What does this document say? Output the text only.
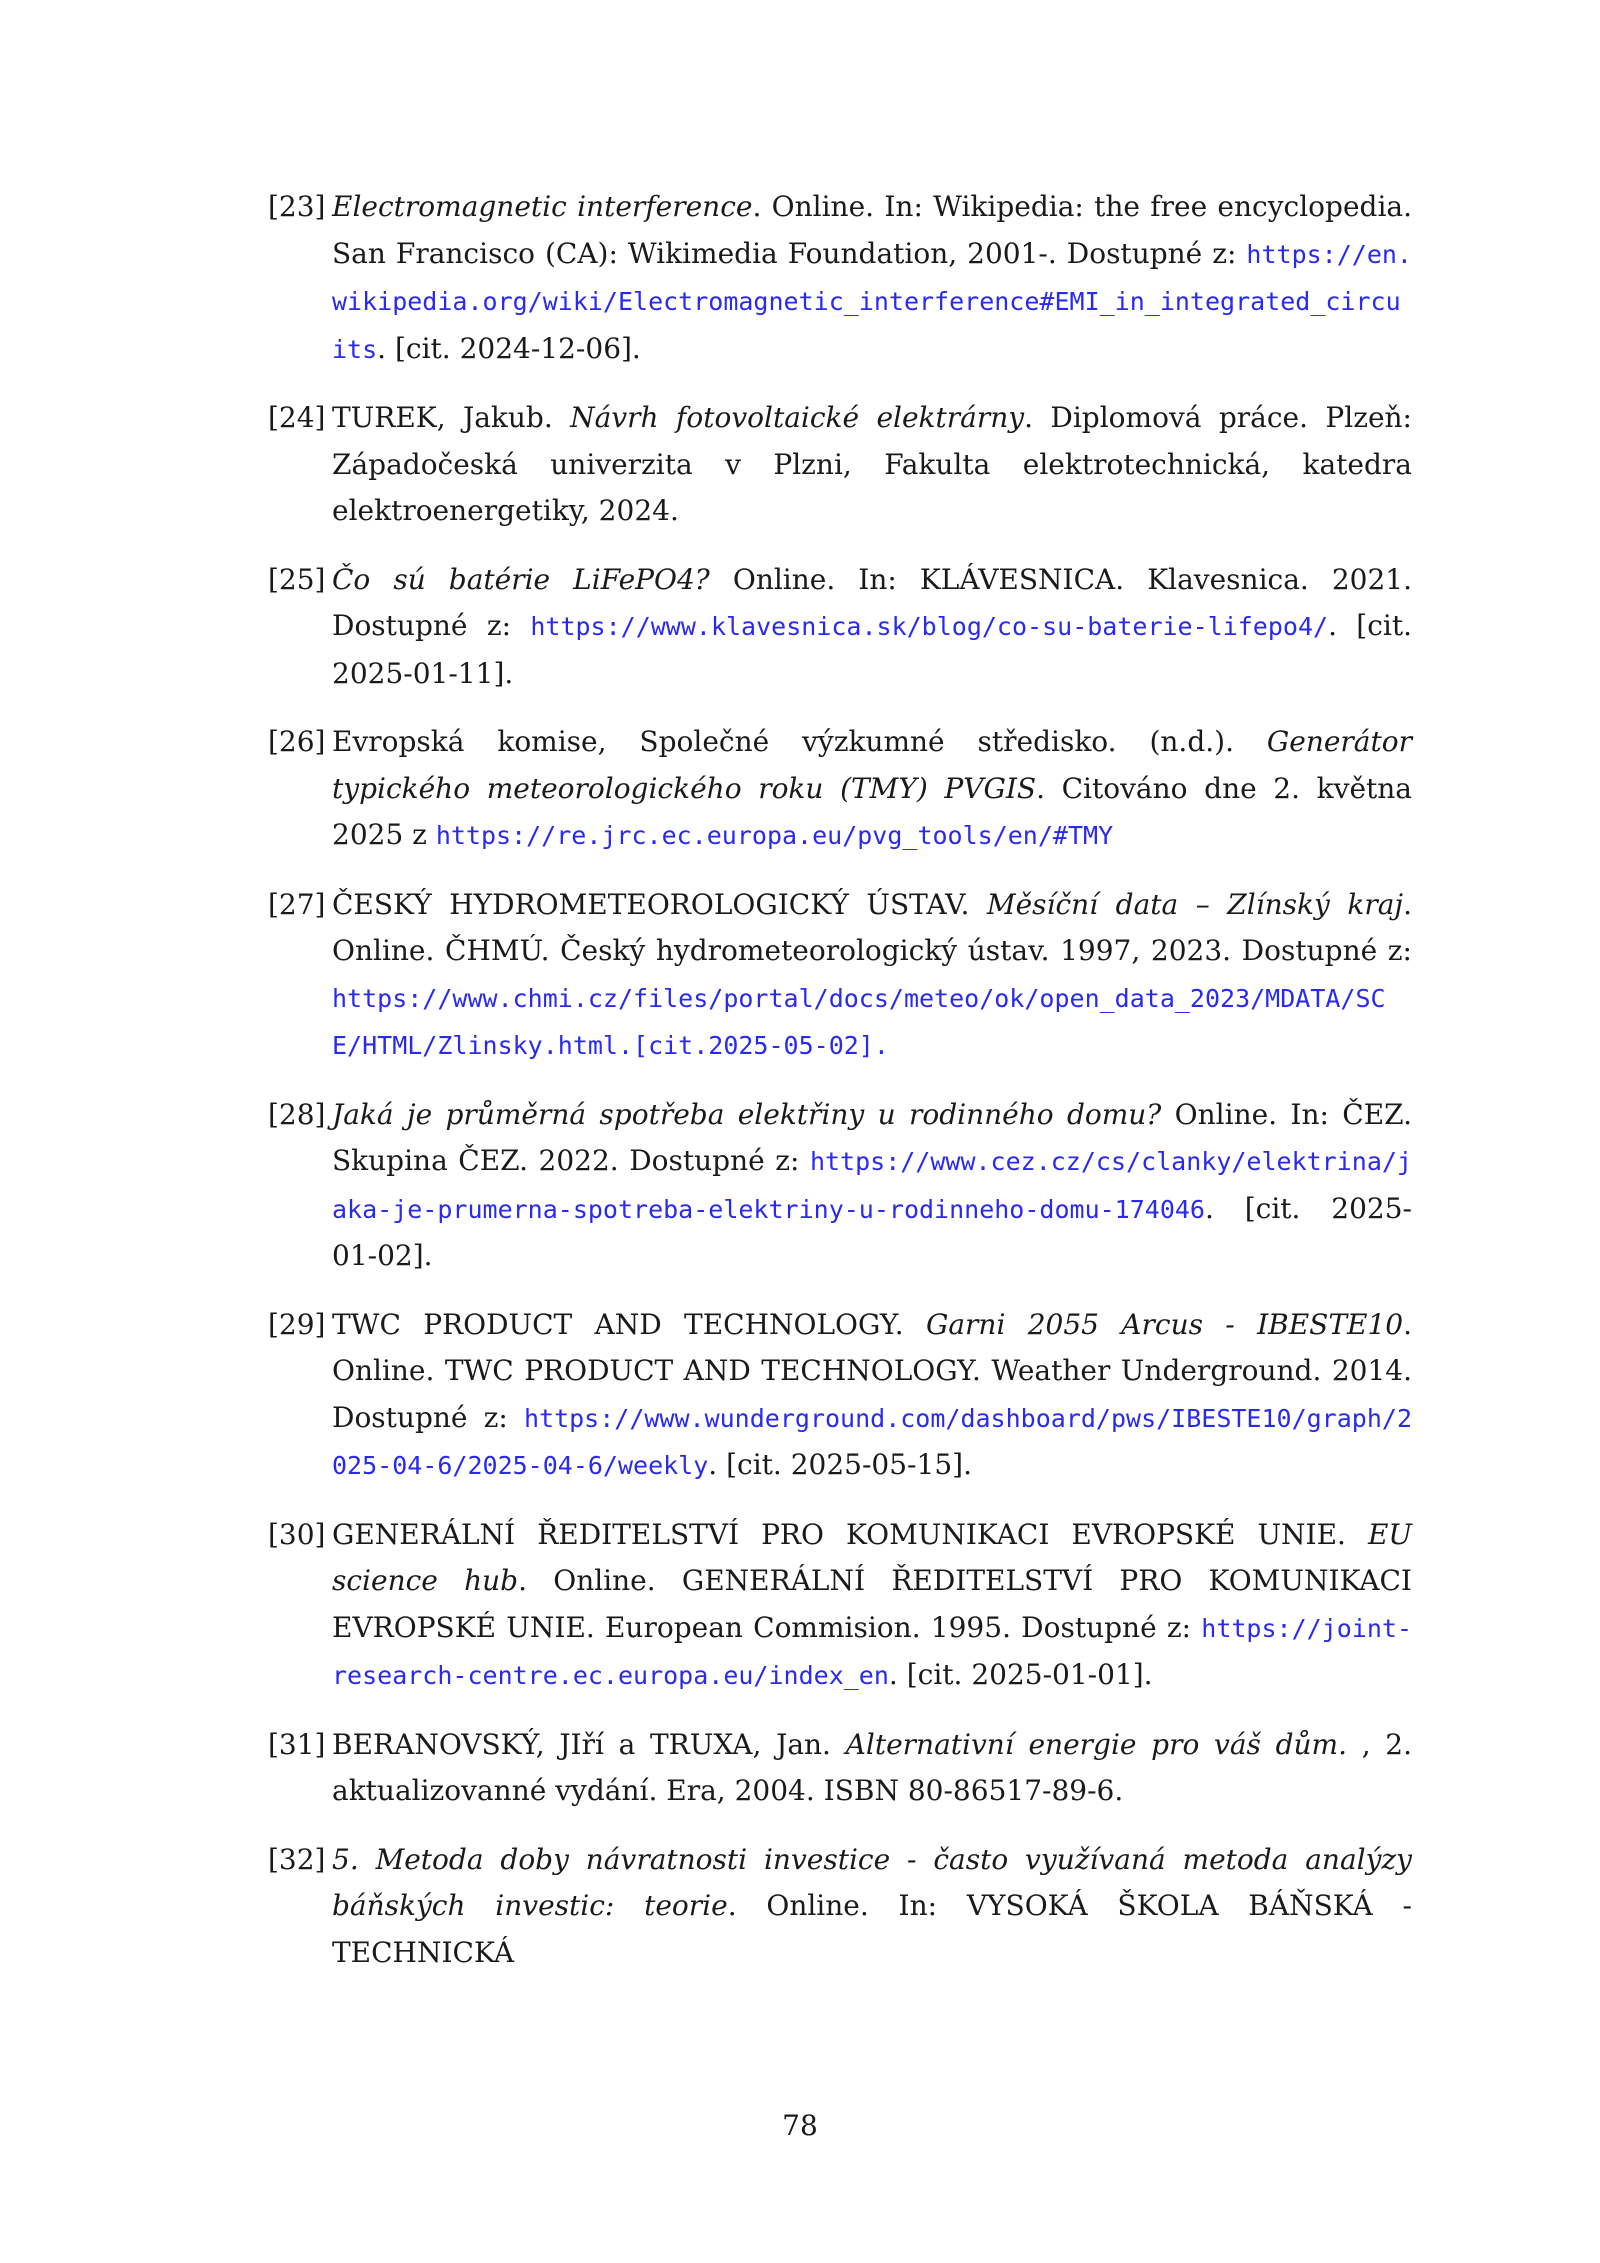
[23] Electromagnetic interference. Online. In: Wikipedia: the free encyclopedia. San Francisco (CA): Wikimedia Foundation, 2001-. Dostupné z: https://en.wikipedia.org/wiki/Electromagnetic_interference#EMI_in_integrated_circuits. [cit. 2024-12-06].
[24] TUREK, Jakub. Návrh fotovoltaické elektrárny. Diplomová práce. Plzeň: Západočeská univerzita v Plzni, Fakulta elektrotechnická, katedra elektroenergetiky, 2024.
[25] Čo sú batérie LiFePO4? Online. In: KLÁVESNICA. Klavesnica. 2021. Dostupné z: https://www.klavesnica.sk/blog/co-su-baterie-lifepo4/. [cit. 2025-01-11].
[26] Evropská komise, Společné výzkumné středisko. (n.d.). Generátor typického meteorologického roku (TMY) PVGIS. Citováno dne 2. května 2025 z https://re.jrc.ec.europa.eu/pvg_tools/en/#TMY
[27] ČESKÝ HYDROMETEOROLOGICKÝ ÚSTAV. Měsíční data – Zlínský kraj. Online. ČHMÚ. Český hydrometeorologický ústav. 1997, 2023. Dostupné z: https://www.chmi.cz/files/portal/docs/meteo/ok/open_data_2023/MDATA/SCE/HTML/Zlinsky.html.[cit.2025-05-02].
[28] Jaká je průměrná spotřeba elektřiny u rodinného domu? Online. In: ČEZ. Skupina ČEZ. 2022. Dostupné z: https://www.cez.cz/cs/clanky/elektrina/jaka-je-prumerna-spotreba-elektriny-u-rodinneho-domu-174046. [cit. 2025-01-02].
[29] TWC PRODUCT AND TECHNOLOGY. Garni 2055 Arcus - IBESTE10. Online. TWC PRODUCT AND TECHNOLOGY. Weather Underground. 2014. Dostupné z: https://www.wunderground.com/dashboard/pws/IBESTE10/graph/2025-04-6/2025-04-6/weekly. [cit. 2025-05-15].
[30] GENERÁLNÍ ŘEDITELSTVÍ PRO KOMUNIKACI EVROPSKÉ UNIE. EU science hub. Online. GENERÁLNÍ ŘEDITELSTVÍ PRO KOMUNIKACI EVROPSKÉ UNIE. European Commision. 1995. Dostupné z: https://joint-research-centre.ec.europa.eu/index_en. [cit. 2025-01-01].
[31] BERANOVSKÝ, JIří a TRUXA, Jan. Alternativní energie pro váš dům. , 2. aktualizovanné vydání. Era, 2004. ISBN 80-86517-89-6.
[32] 5. Metoda doby návratnosti investice - často využívaná metoda analýzy báňských investic: teorie. Online. In: VYSOKÁ ŠKOLA BÁŇSKÁ - TECHNICKÁ
78
